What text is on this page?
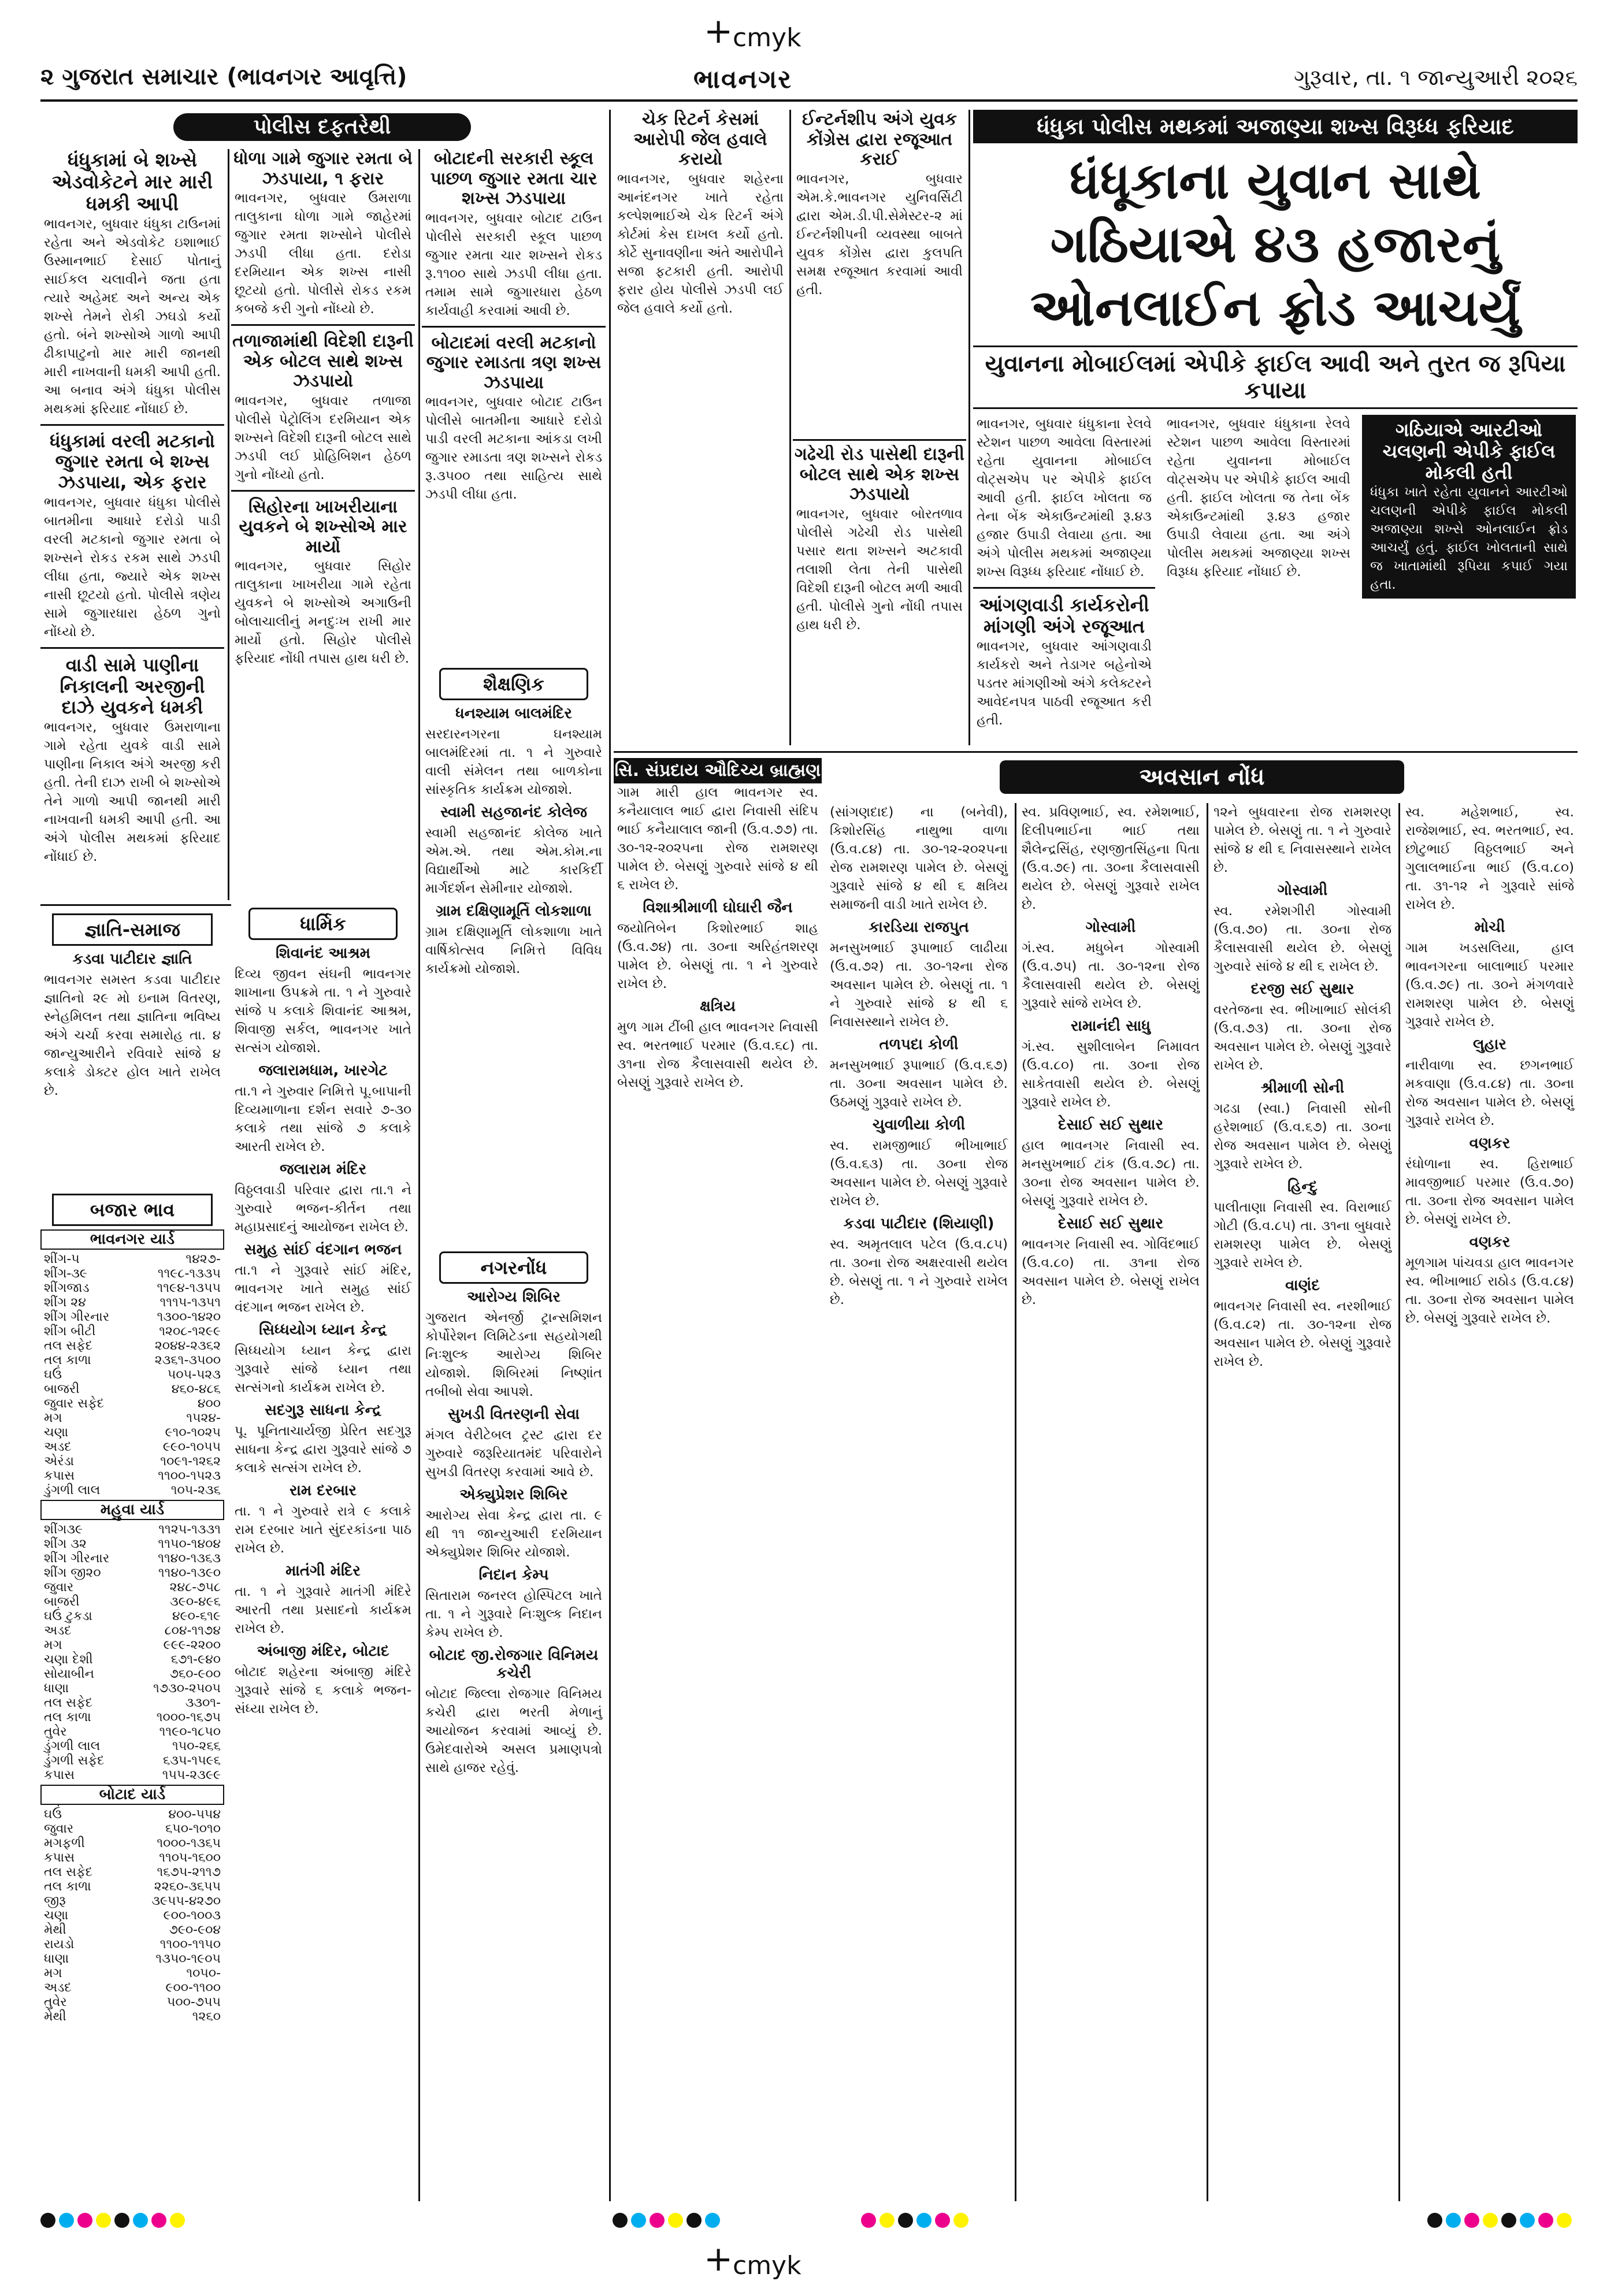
+ cmyk
+ cmyk
૨ ગુજરાત સમાચાર (ભાવનગર આવૃત્તિ)	ભાવનગર	ગુરૂવાર, તા. ૧ જાન્યુઆરી ૨૦૨૬
પોલીસ દફતરેથી
ધંધુકામાં બે શખ્સે એડવોકેટને માર મારી ધમકી આપી
ભાવનગર, બુધવાર ધંધુકા ટાઉનમાં રહેતા અને એડવોકેટ ઇશાભાઈ ઉસ્માનભાઈ દેસાઈ પોતાનું સાઈકલ ચલાવીને જતા હતા ત્યારે અહેમદ અને અન્ય એક શખ્સે તેમને રોકી ઝઘડો કર્યો હતો. બંને શખ્સોએ ગાળો આપી ઢીકાપાટુનો માર મારી જાનથી મારી નાખવાની ધમકી આપી હતી. આ બનાવ અંગે ધંધુકા પોલીસ મથકમાં ફરિયાદ નોંધાઈ છે.
ધંધુકામાં વરલી મટકાનો જુગાર રમતા બે શખ્સ ઝડપાયા, એક ફરાર
ભાવનગર, બુધવાર ધંધુકા પોલીસે બાતમીના આધારે દરોડો પાડી વરલી મટકાનો જુગાર રમતા બે શખ્સને રોકડ રકમ સાથે ઝડપી લીધા હતા, જ્યારે એક શખ્સ નાસી છૂટયો હતો. પોલીસે ત્રણેય સામે જુગારધારા હેઠળ ગુનો નોંધ્યો છે.
વાડી સામે પાણીના નિકાલની અરજીની દાઝે યુવકને ધમકી
ભાવનગર, બુધવાર ઉમરાળાના ગામે રહેતા યુવકે વાડી સામે પાણીના નિકાલ અંગે અરજી કરી હતી. તેની દાઝ રાખી બે શખ્સોએ તેને ગાળો આપી જાનથી મારી નાખવાની ધમકી આપી હતી. આ અંગે પોલીસ મથકમાં ફરિયાદ નોંધાઈ છે.
ધોળા ગામે જુગાર રમતા બે ઝડપાયા, ૧ ફરાર
ભાવનગર, બુધવાર ઉમરાળા તાલુકાના ધોળા ગામે જાહેરમાં જુગાર રમતા શખ્સોને પોલીસે ઝડપી લીધા હતા. દરોડા દરમિયાન એક શખ્સ નાસી છૂટયો હતો. પોલીસે રોકડ રકમ કબજે કરી ગુનો નોંધ્યો છે.
તળાજામાંથી વિદેશી દારૂની એક બોટલ સાથે શખ્સ ઝડપાયો
ભાવનગર, બુધવાર તળાજા પોલીસે પેટ્રોલિંગ દરમિયાન એક શખ્સને વિદેશી દારૂની બોટલ સાથે ઝડપી લઈ પ્રોહિબિશન હેઠળ ગુનો નોંધ્યો હતો.
સિહોરના ખાખરીયાના યુવકને બે શખ્સોએ માર માર્યો
ભાવનગર, બુધવાર સિહોર તાલુકાના ખાખરીયા ગામે રહેતા યુવકને બે શખ્સોએ અગાઉની બોલાચાલીનું મનદુઃખ રાખી માર માર્યો હતો. સિહોર પોલીસે ફરિયાદ નોંધી તપાસ હાથ ધરી છે.
બોટાદની સરકારી સ્કૂલ પાછળ જુગાર રમતા ચાર શખ્સ ઝડપાયા
ભાવનગર, બુધવાર બોટાદ ટાઉન પોલીસે સરકારી સ્કૂલ પાછળ જુગાર રમતા ચાર શખ્સને રોકડ રૂ.૧૧૦૦ સાથે ઝડપી લીધા હતા. તમામ સામે જુગારધારા હેઠળ કાર્યવાહી કરવામાં આવી છે.
બોટાદમાં વરલી મટકાનો જુગાર રમાડતા ત્રણ શખ્સ ઝડપાયા
ભાવનગર, બુધવાર બોટાદ ટાઉન પોલીસે બાતમીના આધારે દરોડો પાડી વરલી મટકાના આંકડા લખી જુગાર રમાડતા ત્રણ શખ્સને રોકડ રૂ.૩૫૦૦ તથા સાહિત્ય સાથે ઝડપી લીધા હતા.
જ્ઞાતિ-સમાજ
કડવા પાટીદાર જ્ઞાતિ
ભાવનગર સમસ્ત કડવા પાટીદાર જ્ઞાતિનો ૨૯ મો ઇનામ વિતરણ, સ્નેહમિલન તથા જ્ઞાતિના ભવિષ્ય અંગે ચર્ચા કરવા સમારોહ તા. ૪ જાન્યુઆરીને રવિવારે સાંજે ૪ કલાકે ડોક્ટર હોલ ખાતે રાખેલ છે.
બજાર ભાવ
ભાવનગર યાર્ડ
શીંગ-૫	૧૪૨૭-
શીંગ-૩૯	૧૧૯૮-૧૩૩૫
શીંગજાડ	૧૧૯૪-૧૩૫૫
શીંગ ૨૪	૧૧૧૫-૧૩૫૧
શીંગ ગીરનાર	૧૩૦૦-૧૪૨૦
શીંગ બીટી	૧૨૦૮-૧૨૯૯
તલ સફેદ	૨૦૪૪-૨૩૬૨
તલ કાળા	૨૩૬૧-૩૫૦૦
ઘઉં	૫૦૫-૫૨૩
બાજરી	૪૬૦-૪૮૬
જુવાર સફેદ	૪૦૦
મગ	૧૫૨૪-
ચણા	૯૧૦-૧૦૨૫
અડદ	૯૯૦-૧૦૫૫
એરંડા	૧૦૯૧-૧૨૬૨
કપાસ	૧૧૦૦-૧૫૨૩
ડુંગળી લાલ	૧૦૫-૨૩૬
મહુવા યાર્ડ
શીંગ૩૯	૧૧૨૫-૧૩૩૧
શીંગ ૩૨	૧૧૫૦-૧૪૦૪
શીંગ ગીરનાર	૧૧૪૦-૧૩૬૩
શીંગ જી૨૦	૧૧૪૦-૧૩૯૦
જુવાર	૨૪૮-૭૫૮
બાજરી	૩૯૦-૪૯૬
ઘઉં ટુકડા	૪૯૦-૬૧૯
અડદ	૮૦૪-૧૧૭૪
મગ	૯૯૯-૨૨૦૦
ચણા દેશી	૬૭૧-૯૪૦
સોયાબીન	૭૬૦-૯૦૦
ધાણા	૧૭૩૦-૨૫૦૫
તલ સફેદ	૩૩૦૧-
તલ કાળા	૧૦૦૦-૧૬૭૫
તુવેર	૧૧૯૦-૧૮૫૦
ડુંગળી લાલ	૧૫૦-૨૬૬
ડુંગળી સફેદ	૬૩૫-૧૫૯૬
કપાસ	૧૫૫-૨૩૯૯
બોટાદ યાર્ડ
ઘઉં	૪૦૦-૫૫૪
જુવાર	૬૫૦-૧૦૧૦
મગફળી	૧૦૦૦-૧૩૬૫
કપાસ	૧૧૦૫-૧૬૦૦
તલ સફેદ	૧૬૭૫-૨૧૧૭
તલ કાળા	૨૨૬૦-૩૬૫૫
જીરૂ	૩૯૫૫-૪૨૭૦
ચણા	૯૦૦-૧૦૦૩
મેથી	૭૯૦-૯૦૪
રાયડો	૧૧૦૦-૧૧૫૦
ધાણા	૧૩૫૦-૧૯૦૫
મગ	૧૦૫૦-
અડદ	૯૦૦-૧૧૦૦
તુવેર	૫૦૦-૭૫૫
મેથી	૧૨૬૦
ધાર્મિક
શિવાનંદ આશ્રમ
દિવ્ય જીવન સંઘની ભાવનગર શાખાના ઉપક્રમે તા. ૧ ને ગુરુવારે સાંજે ૫ કલાકે શિવાનંદ આશ્રમ, શિવાજી સર્કલ, ભાવનગર ખાતે સત્સંગ યોજાશે.
જલારામધામ, ખારગેટ
તા.૧ ને ગુરુવાર નિમિત્તે પૂ.બાપાની દિવ્યમાળાના દર્શન સવારે ૭-૩૦ કલાકે તથા સાંજે ૭ કલાકે આરતી રાખેલ છે.
જલારામ મંદિર
વિઠ્ઠલવાડી પરિવાર દ્વારા તા.૧ ને ગુરુવારે ભજન-કીર્તન તથા મહાપ્રસાદનું આયોજન રાખેલ છે.
સમુહ સાંઈ વંદગાન ભજન
તા.૧ ને ગુરૂવારે સાંઈ મંદિર, ભાવનગર ખાતે સમુહ સાંઈ વંદગાન ભજન રાખેલ છે.
સિધ્ધયોગ ધ્યાન કેન્દ્ર
સિધ્ધયોગ ધ્યાન કેન્દ્ર દ્વારા ગુરૂવારે સાંજે ધ્યાન તથા સત્સંગનો કાર્યક્રમ રાખેલ છે.
સદગુરૂ સાધના કેન્દ્ર
પૂ. પૂનિતાચાર્યજી પ્રેરિત સદગુરૂ સાધના કેન્દ્ર દ્વારા ગુરૂવારે સાંજે ૭ કલાકે સત્સંગ રાખેલ છે.
રામ દરબાર
તા. ૧ ને ગુરુવારે રાત્રે ૯ કલાકે રામ દરબાર ખાતે સુંદરકાંડના પાઠ રાખેલ છે.
માતંગી મંદિર
તા. ૧ ને ગુરૂવારે માતંગી મંદિરે આરતી તથા પ્રસાદનો કાર્યક્રમ રાખેલ છે.
અંબાજી મંદિર, બોટાદ
બોટાદ શહેરના અંબાજી મંદિરે ગુરૂવારે સાંજે ૬ કલાકે ભજન-સંધ્યા રાખેલ છે.
શૈક્ષણિક
ધનશ્યામ બાલમંદિર
સરદારનગરના ઘનશ્યામ બાલમંદિરમાં તા. ૧ ને ગુરુવારે વાલી સંમેલન તથા બાળકોના સાંસ્કૃતિક કાર્યક્રમ યોજાશે.
સ્વામી સહજાનંદ કોલેજ
સ્વામી સહજાનંદ કોલેજ ખાતે એમ.એ. તથા એમ.કોમ.ના વિદ્યાર્થીઓ માટે કારકિર્દી માર્ગદર્શન સેમીનાર યોજાશે.
ગ્રામ દક્ષિણામૂર્તિ લોકશાળા
ગ્રામ દક્ષિણામૂર્તિ લોકશાળા ખાતે વાર્ષિકોત્સવ નિમિત્તે વિવિધ કાર્યક્રમો યોજાશે.
નગરનોંધ
આરોગ્ય શિબિર
ગુજરાત એનર્જી ટ્રાન્સમિશન કોર્પોરેશન લિમિટેડના સહયોગથી નિઃશુલ્ક આરોગ્ય શિબિર યોજાશે. શિબિરમાં નિષ્ણાંત તબીબો સેવા આપશે.
સુખડી વિતરણની સેવા
મંગલ વેરીટેબલ ટ્રસ્ટ દ્વારા દર ગુરુવારે જરૂરિયાતમંદ પરિવારોને સુખડી વિતરણ કરવામાં આવે છે.
એક્યુપ્રેશર શિબિર
આરોગ્ય સેવા કેન્દ્ર દ્વારા તા. ૯ થી ૧૧ જાન્યુઆરી દરમિયાન એક્યુપ્રેશર શિબિર યોજાશે.
નિદાન કેમ્પ
સિતારામ જનરલ હોસ્પિટલ ખાતે તા. ૧ ને ગુરૂવારે નિઃશુલ્ક નિદાન કેમ્પ રાખેલ છે.
બોટાદ જી.રોજગાર વિનિમય કચેરી
બોટાદ જિલ્લા રોજગાર વિનિમય કચેરી દ્વારા ભરતી મેળાનું આયોજન કરવામાં આવ્યું છે. ઉમેદવારોએ અસલ પ્રમાણપત્રો સાથે હાજર રહેવું.
ચેક રિટર્ન કેસમાં આરોપી જેલ હવાલે કરાયો
ભાવનગર, બુધવાર શહેરના આનંદનગર ખાતે રહેતા કલ્પેશભાઈએ ચેક રિટર્ન અંગે કોર્ટમાં કેસ દાખલ કર્યો હતો. કોર્ટે સુનાવણીના અંતે આરોપીને સજા ફટકારી હતી. આરોપી ફરાર હોય પોલીસે ઝડપી લઈ જેલ હવાલે કર્યો હતો.
ઈન્ટર્નશીપ અંગે યુવક કોંગ્રેસ દ્વારા રજૂઆત કરાઈ
ભાવનગર, બુધવાર એમ.કે.ભાવનગર યુનિવર્સિટી દ્વારા એમ.ડી.પી.સેમેસ્ટર-૨ માં ઈન્ટર્નશીપની વ્યવસ્થા બાબતે યુવક કોંગ્રેસ દ્વારા કુલપતિ સમક્ષ રજૂઆત કરવામાં આવી હતી.
ગઢેચી રોડ પાસેથી દારૂની બોટલ સાથે એક શખ્સ ઝડપાયો
ભાવનગર, બુધવાર બોરતળાવ પોલીસે ગઢેચી રોડ પાસેથી પસાર થતા શખ્સને અટકાવી તલાશી લેતા તેની પાસેથી વિદેશી દારૂની બોટલ મળી આવી હતી. પોલીસે ગુનો નોંધી તપાસ હાથ ધરી છે.
ધંધુકા પોલીસ મથકમાં અજાણ્યા શખ્સ વિરૂધ્ધ ફરિયાદ
ધંધૂકાના યુવાન સાથે ગઠિયાએ ૪૩ હજારનું ઓનલાઈન ફ્રોડ આચર્યું
યુવાનના મોબાઈલમાં એપીકે ફાઈલ આવી અને તુરત જ રૂપિયા કપાયા
ભાવનગર, બુધવાર ધંધુકાના રેલવે સ્ટેશન પાછળ આવેલા વિસ્તારમાં રહેતા યુવાનના મોબાઈલ વોટ્સએપ પર એપીકે ફાઈલ આવી હતી. ફાઈલ ખોલતા જ તેના બેંક એકાઉન્ટમાંથી રૂ.૪૩ હજાર ઉપાડી લેવાયા હતા. આ અંગે પોલીસ મથકમાં અજાણ્યા શખ્સ વિરૂધ્ધ ફરિયાદ નોંધાઈ છે.
આંગણવાડી કાર્યકરોની માંગણી અંગે રજૂઆત
ભાવનગર, બુધવાર આંગણવાડી કાર્યકરો અને તેડાગર બહેનોએ પડતર માંગણીઓ અંગે કલેક્ટરને આવેદનપત્ર પાઠવી રજૂઆત કરી હતી.
ભાવનગર, બુધવાર ધંધુકાના રેલવે સ્ટેશન પાછળ આવેલા વિસ્તારમાં રહેતા યુવાનના મોબાઈલ વોટ્સએપ પર એપીકે ફાઈલ આવી હતી. ફાઈલ ખોલતા જ તેના બેંક એકાઉન્ટમાંથી રૂ.૪૩ હજાર ઉપાડી લેવાયા હતા. આ અંગે પોલીસ મથકમાં અજાણ્યા શખ્સ વિરૂધ્ધ ફરિયાદ નોંધાઈ છે.
ગઠિયાએ આરટીઓ ચલણની એપીકે ફાઈલ મોકલી હતી
ધંધુકા ખાતે રહેતા યુવાનને આરટીઓ ચલણની એપીકે ફાઈલ મોકલી અજાણ્યા શખ્સે ઓનલાઈન ફ્રોડ આચર્યું હતું. ફાઈલ ખોલતાની સાથે જ ખાતામાંથી રૂપિયા કપાઈ ગયા હતા.
સિ. સંપ્રદાય ઔદિચ્ય બ્રાહ્મણ
ગામ મારી હાલ ભાવનગર સ્વ. કનૈયાલાલ ભાઈ દ્વારા નિવાસી સંદિપ ભાઈ કનૈયાલાલ જાની (ઉ.વ.૭૭) તા. ૩૦-૧૨-૨૦૨૫ના રોજ રામશરણ પામેલ છે. બેસણું ગુરુવારે સાંજે ૪ થી ૬ રાખેલ છે.
વિશાશ્રીમાળી ઘોઘારી જૈન
જયોતિબેન કિશોરભાઈ શાહ (ઉ.વ.૭૪) તા. ૩૦ના અરિહંતશરણ પામેલ છે. બેસણું તા. ૧ ને ગુરુવારે રાખેલ છે.
ક્ષત્રિય
મુળ ગામ ટીંબી હાલ ભાવનગર નિવાસી સ્વ. ભરતભાઈ પરમાર (ઉ.વ.૬૮) તા. ૩૧ના રોજ કૈલાસવાસી થયેલ છે. બેસણું ગુરૂવારે રાખેલ છે.
અવસાન નોંધ
(સાંગણદાદ) ના (બનેવી), કિશોરસિંહ નાથુભા વાળા (ઉ.વ.૮૪) તા. ૩૦-૧૨-૨૦૨૫ના રોજ રામશરણ પામેલ છે. બેસણું ગુરૂવારે સાંજે ૪ થી ૬ ક્ષત્રિય સમાજની વાડી ખાતે રાખેલ છે.
કારડિયા રાજપુત
મનસુખભાઈ રૂપાભાઈ લાઢીયા (ઉ.વ.૭૨) તા. ૩૦-૧૨ના રોજ અવસાન પામેલ છે. બેસણું તા. ૧ ને ગુરુવારે સાંજે ૪ થી ૬ નિવાસસ્થાને રાખેલ છે.
તળપદા કોળી
મનસુખભાઈ રૂપાભાઈ (ઉ.વ.૬૭) તા. ૩૦ના અવસાન પામેલ છે. ઉઠમણું ગુરૂવારે રાખેલ છે.
ચુવાળીયા કોળી
સ્વ. રામજીભાઈ ભીખાભાઈ (ઉ.વ.૬૩) તા. ૩૦ના રોજ અવસાન પામેલ છે. બેસણું ગુરૂવારે રાખેલ છે.
કડવા પાટીદાર (શિયાણી)
સ્વ. અમૃતલાલ પટેલ (ઉ.વ.૮૫) તા. ૩૦ના રોજ અક્ષરવાસી થયેલ છે. બેસણું તા. ૧ ને ગુરુવારે રાખેલ છે.
સ્વ. પ્રવિણભાઈ, સ્વ. રમેશભાઈ, દિલીપભાઈના ભાઈ તથા શૈલેન્દ્રસિંહ, રણજીતસિંહના પિતા (ઉ.વ.૭૯) તા. ૩૦ના કૈલાસવાસી થયેલ છે. બેસણું ગુરૂવારે રાખેલ છે.
ગોસ્વામી
ગં.સ્વ. મધુબેન ગોસ્વામી (ઉ.વ.૭૫) તા. ૩૦-૧૨ના રોજ કૈલાસવાસી થયેલ છે. બેસણું ગુરૂવારે સાંજે રાખેલ છે.
રામાનંદી સાધુ
ગં.સ્વ. સુશીલાબેન નિમાવત (ઉ.વ.૮૦) તા. ૩૦ના રોજ સાકેતવાસી થયેલ છે. બેસણું ગુરૂવારે રાખેલ છે.
દેસાઈ સઈ સુથાર
હાલ ભાવનગર નિવાસી સ્વ. મનસુખભાઈ ટાંક (ઉ.વ.૭૮) તા. ૩૦ના રોજ અવસાન પામેલ છે. બેસણું ગુરૂવારે રાખેલ છે.
દેસાઈ સઈ સુથાર
ભાવનગર નિવાસી સ્વ. ગોવિંદભાઈ (ઉ.વ.૮૦) તા. ૩૧ના રોજ અવસાન પામેલ છે. બેસણું રાખેલ છે.
૧૨ને બુધવારના રોજ રામશરણ પામેલ છે. બેસણું તા. ૧ ને ગુરુવારે સાંજે ૪ થી ૬ નિવાસસ્થાને રાખેલ છે.
ગોસ્વામી
સ્વ. રમેશગીરી ગોસ્વામી (ઉ.વ.૭૦) તા. ૩૦ના રોજ કૈલાસવાસી થયેલ છે. બેસણું ગુરુવારે સાંજે ૪ થી ૬ રાખેલ છે.
દરજી સઈ સુથાર
વરતેજના સ્વ. ભીખાભાઈ સોલંકી (ઉ.વ.૭૩) તા. ૩૦ના રોજ અવસાન પામેલ છે. બેસણું ગુરૂવારે રાખેલ છે.
શ્રીમાળી સોની
ગઢડા (સ્વા.) નિવાસી સોની હરેશભાઈ (ઉ.વ.૬૭) તા. ૩૦ના રોજ અવસાન પામેલ છે. બેસણું ગુરૂવારે રાખેલ છે.
હિન્દુ
પાલીતાણા નિવાસી સ્વ. વિરાભાઈ ગોટી (ઉ.વ.૮૫) તા. ૩૧ના બુધવારે રામશરણ પામેલ છે. બેસણું ગુરૂવારે રાખેલ છે.
વાણંદ
ભાવનગર નિવાસી સ્વ. નરશીભાઈ (ઉ.વ.૮૨) તા. ૩૦-૧૨ના રોજ અવસાન પામેલ છે. બેસણું ગુરૂવારે રાખેલ છે.
સ્વ. મહેશભાઈ, સ્વ. રાજેશભાઈ, સ્વ. ભરતભાઈ, સ્વ. છોટુભાઈ વિઠ્ઠલભાઈ અને ગુલાલભાઈના ભાઈ (ઉ.વ.૮૦) તા. ૩૧-૧૨ ને ગુરૂવારે સાંજે રાખેલ છે.
મોચી
ગામ ખડસલિયા, હાલ ભાવનગરના બાલાભાઈ પરમાર (ઉ.વ.૭૯) તા. ૩૦ને મંગળવારે રામશરણ પામેલ છે. બેસણું ગુરૂવારે રાખેલ છે.
લુહાર
નારીવાળા સ્વ. છગનભાઈ મકવાણા (ઉ.વ.૮૪) તા. ૩૦ના રોજ અવસાન પામેલ છે. બેસણું ગુરૂવારે રાખેલ છે.
વણકર
રંઘોળાના સ્વ. હિરાભાઈ માવજીભાઈ પરમાર (ઉ.વ.૭૦) તા. ૩૦ના રોજ અવસાન પામેલ છે. બેસણું રાખેલ છે.
વણકર
મૂળગામ પાંચવડા હાલ ભાવનગર સ્વ. ભીખાભાઈ રાઠોડ (ઉ.વ.૮૪) તા. ૩૦ના રોજ અવસાન પામેલ છે. બેસણું ગુરૂવારે રાખેલ છે.
